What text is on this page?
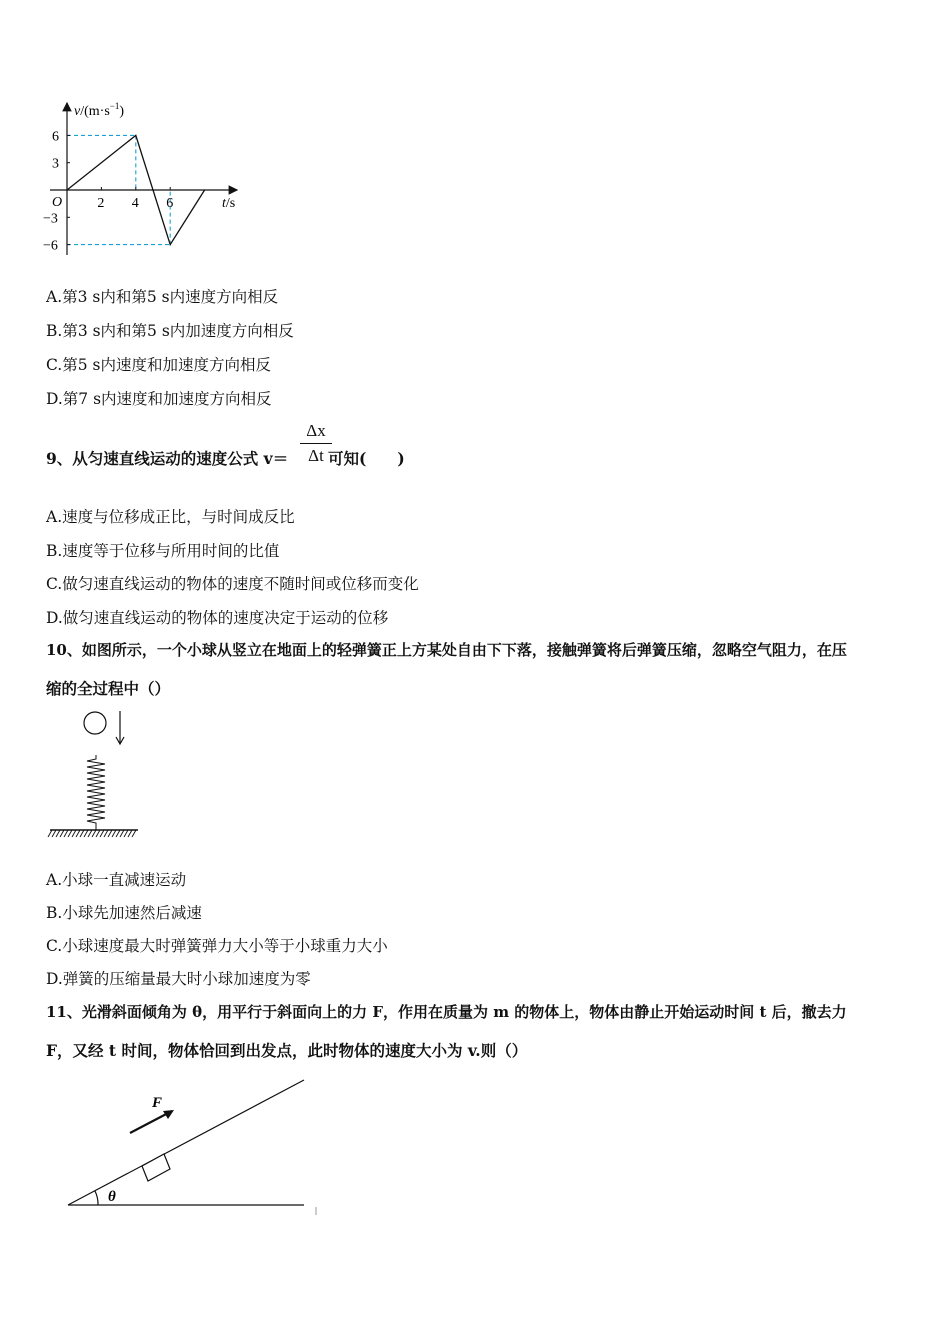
2 4 6
6
3
−3
−6
$v/(m\cdot s^{-1})$
t/s
O
A.第3 s内和第5 s内速度方向相反
B.第3 s内和第5 s内加速度方向相反
C.第5 s内速度和加速度方向相反
D.第7 s内速度和加速度方向相反
9、从匀速直线运动的速度公式 v＝
Δx
Δt 可知(　　)
A.速度与位移成正比，与时间成反比
B.速度等于位移与所用时间的比值
C.做匀速直线运动的物体的速度不随时间或位移而变化
D.做匀速直线运动的物体的速度决定于运动的位移
10、如图所示，一个小球从竖立在地面上的轻弹簧正上方某处自由下下落，接触弹簧将后弹簧压缩，忽略空气阻力，在压
缩的全过程中（）
A.小球一直减速运动
B.小球先加速然后减速
C.小球速度最大时弹簧弹力大小等于小球重力大小
D.弹簧的压缩量最大时小球加速度为零
11、光滑斜面倾角为 θ，用平行于斜面向上的力 F，作用在质量为 m 的物体上，物体由静止开始运动时间 t 后，撤去力
F，又经 t 时间，物体恰回到出发点，此时物体的速度大小为 v.则（）
F
θ
